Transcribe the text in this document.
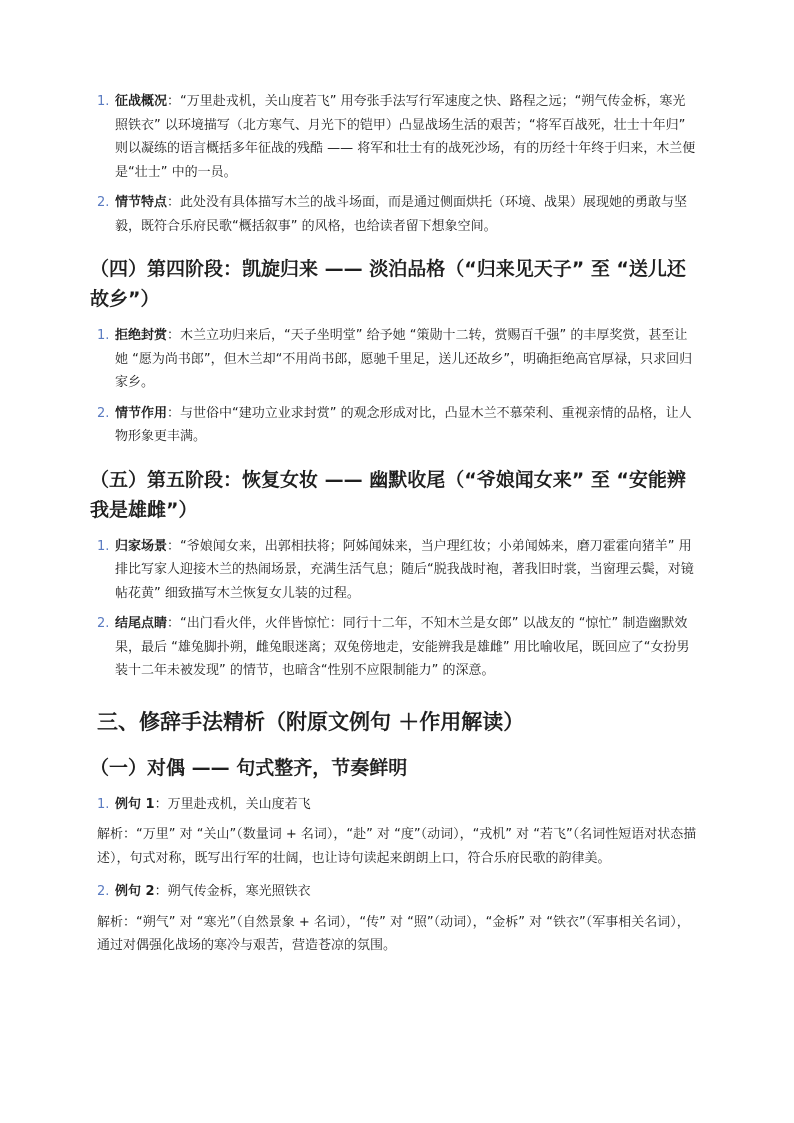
1. 征战概况：“万里赴戎机，关山度若飞” 用夸张手法写行军速度之快、路程之远；“朔气传金柝，寒光照铁衣” 以环境描写（北方寒气、月光下的铠甲）凸显战场生活的艰苦；“将军百战死，壮士十年归” 则以凝练的语言概括多年征战的残酷 —— 将军和壮士有的战死沙场，有的历经十年终于归来，木兰便是“壮士” 中的一员。
2. 情节特点：此处没有具体描写木兰的战斗场面，而是通过侧面烘托（环境、战果）展现她的勇敢与坚毅，既符合乐府民歌“概括叙事” 的风格，也给读者留下想象空间。
（四）第四阶段：凯旋归来 —— 淡泊品格（“归来见天子” 至 “送儿还故乡”）
1. 拒绝封赏：木兰立功归来后，“天子坐明堂” 给予她 “策勋十二转，赏赐百千强” 的丰厚奖赏，甚至让她 “愿为尚书郎”，但木兰却“不用尚书郎，愿驰千里足，送儿还故乡”，明确拒绝高官厚禄，只求回归家乡。
2. 情节作用：与世俗中“建功立业求封赏” 的观念形成对比，凸显木兰不慕荣利、重视亲情的品格，让人物形象更丰满。
（五）第五阶段：恢复女妆 —— 幽默收尾（“爷娘闻女来” 至 “安能辨我是雄雌”）
1. 归家场景：“爷娘闻女来，出郭相扶将；阿姊闻妹来，当户理红妆；小弟闻姊来，磨刀霍霍向猪羊” 用排比写家人迎接木兰的热闹场景，充满生活气息；随后“脱我战时袍，著我旧时裳，当窗理云鬓，对镜帖花黄” 细致描写木兰恢复女儿装的过程。
2. 结尾点睛：“出门看火伴，火伴皆惊忙：同行十二年，不知木兰是女郎” 以战友的 “惊忙” 制造幽默效果，最后 “雄兔脚扑朔，雌兔眼迷离；双兔傍地走，安能辨我是雄雌” 用比喻收尾，既回应了“女扮男装十二年未被发现” 的情节，也暗含“性别不应限制能力” 的深意。
三、修辞手法精析（附原文例句 ＋作用解读）
（一）对偶 —— 句式整齐，节奏鲜明
1. 例句 1：万里赴戎机，关山度若飞

解析：“万里” 对 “关山”（数量词 + 名词），“赴” 对 “度”（动词），“戎机” 对 “若飞”（名词性短语对状态描述），句式对称，既写出行军的壮阔，也让诗句读起来朗朗上口，符合乐府民歌的韵律美。

2. 例句 2：朔气传金柝，寒光照铁衣

解析：“朔气” 对 “寒光”（自然景象 + 名词），“传” 对 “照”（动词），“金柝” 对 “铁衣”（军事相关名词），通过对偶强化战场的寒冷与艰苦，营造苍凉的氛围。
